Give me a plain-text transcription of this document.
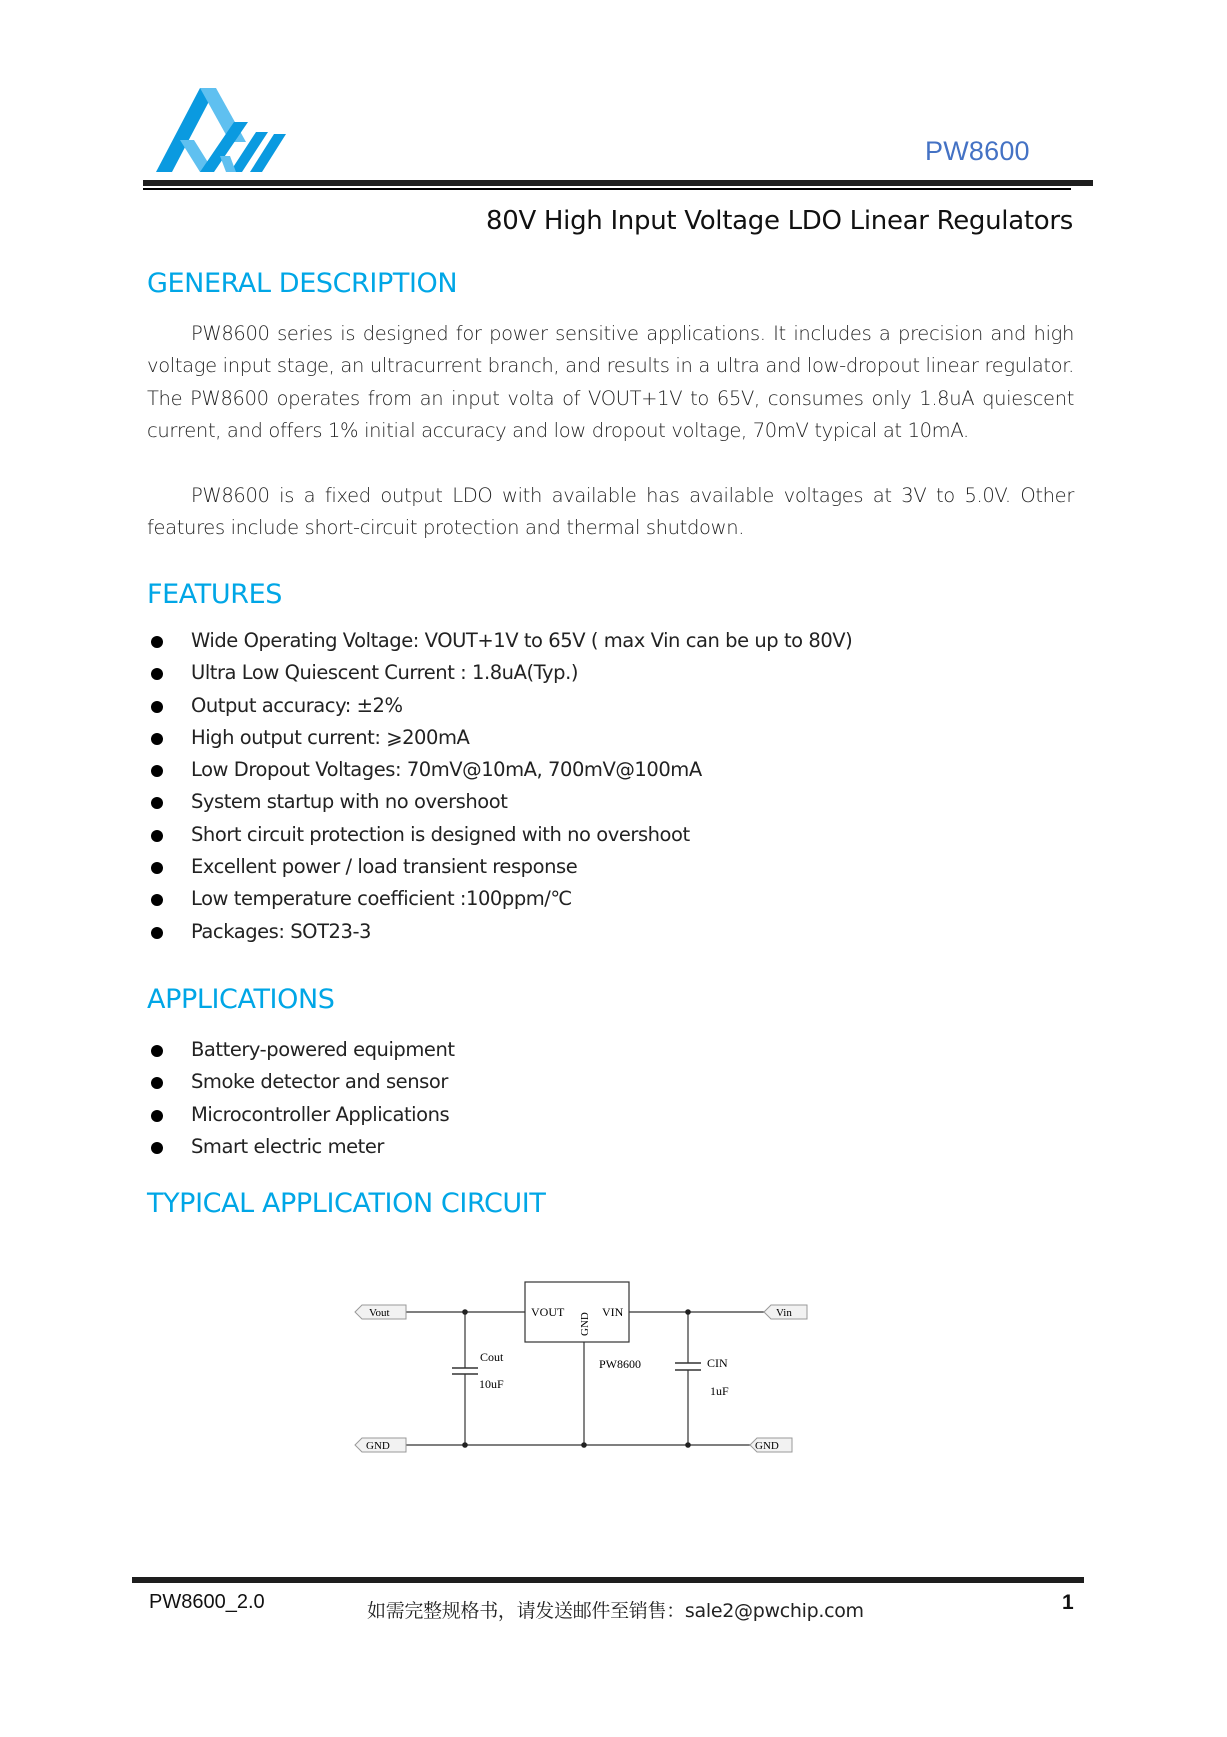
PW8600
80V High Input Voltage LDO Linear Regulators
GENERAL DESCRIPTION
PW8600 series is designed for power sensitive applications. It includes a precision and high voltage input stage, an ultracurrent branch, and results in a ultra and low-dropout linear regulator. The PW8600 operates from an input volta of VOUT+1V to 65V, consumes only 1.8uA quiescent current, and offers 1% initial accuracy and low dropout voltage, 70mV typical at 10mA.
PW8600 is a fixed output LDO with available has available voltages at 3V to 5.0V. Other features include short-circuit protection and thermal shutdown.
FEATURES
Wide Operating Voltage: VOUT+1V to 65V ( max Vin can be up to 80V)
Ultra Low Quiescent Current : 1.8uA(Typ.)
Output accuracy: ±2%
High output current: ⩾200mA
Low Dropout Voltages: 70mV@10mA, 700mV@100mA
System startup with no overshoot
Short circuit protection is designed with no overshoot
Excellent power / load transient response
Low temperature coefficient :100ppm/℃
Packages: SOT23-3
APPLICATIONS
Battery-powered equipment
Smoke detector and sensor
Microcontroller Applications
Smart electric meter
TYPICAL APPLICATION CIRCUIT
VOUT	VIN
GND
PW8600
Cout
10uF
CIN
1uF
Vout
GND
Vin
GND
PW8600_2.0	如需完整规格书，请发送邮件至销售：sale2@pwchip.com	1
